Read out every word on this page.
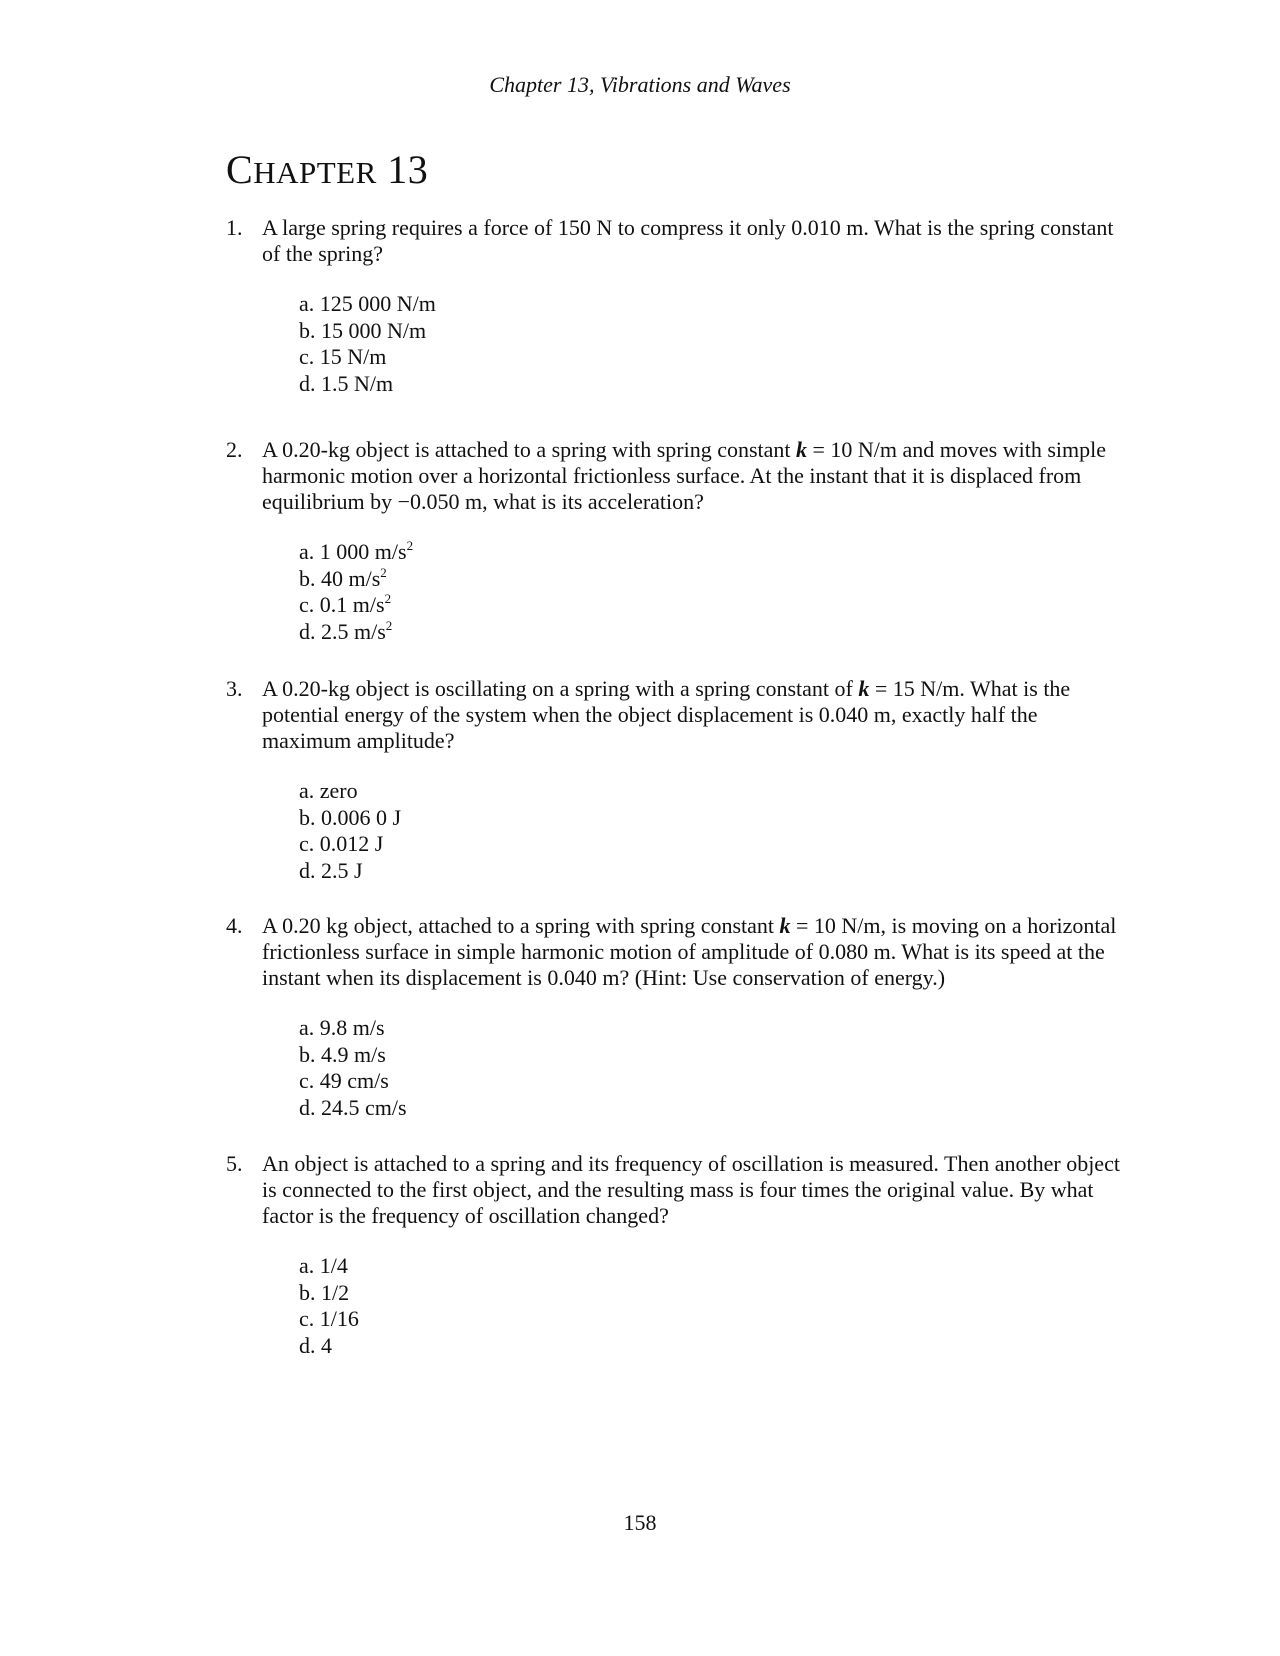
Chapter 13, Vibrations and Waves
CHAPTER 13
1. A large spring requires a force of 150 N to compress it only 0.010 m. What is the spring constant of the spring?
a. 125 000 N/m
b. 15 000 N/m
c. 15 N/m
d. 1.5 N/m
2. A 0.20-kg object is attached to a spring with spring constant k = 10 N/m and moves with simple harmonic motion over a horizontal frictionless surface. At the instant that it is displaced from equilibrium by −0.050 m, what is its acceleration?
a. 1 000 $m/s^2$
b. 40 $m/s^2$
c. 0.1 $m/s^2$
d. 2.5 $m/s^2$
3. A 0.20-kg object is oscillating on a spring with a spring constant of k = 15 N/m. What is the potential energy of the system when the object displacement is 0.040 m, exactly half the maximum amplitude?
a. zero
b. 0.006 0 J
c. 0.012 J
d. 2.5 J
4. A 0.20 kg object, attached to a spring with spring constant k = 10 N/m, is moving on a horizontal frictionless surface in simple harmonic motion of amplitude of 0.080 m. What is its speed at the instant when its displacement is 0.040 m? (Hint: Use conservation of energy.)
a. 9.8 m/s
b. 4.9 m/s
c. 49 cm/s
d. 24.5 cm/s
5. An object is attached to a spring and its frequency of oscillation is measured. Then another object is connected to the first object, and the resulting mass is four times the original value. By what factor is the frequency of oscillation changed?
a. 1/4
b. 1/2
c. 1/16
d. 4
158
